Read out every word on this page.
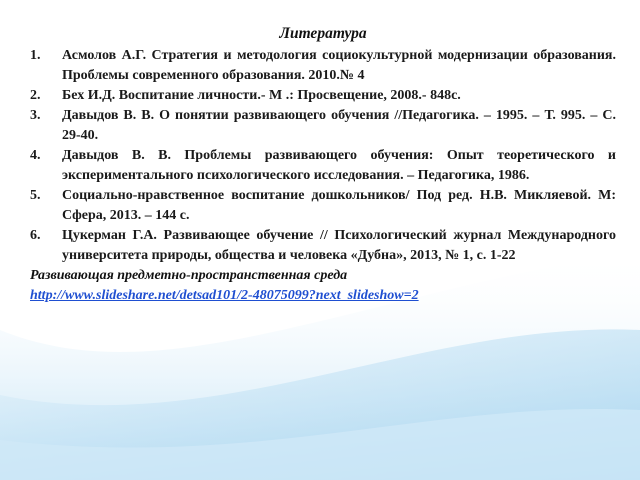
Литература
1. Асмолов А.Г. Стратегия и методология социокультурной модернизации образования. Проблемы современного образования. 2010.№ 4
2. Бех И.Д. Воспитание личности.- М .: Просвещение, 2008.- 848с.
3. Давыдов В. В. О понятии развивающего обучения //Педагогика. – 1995. – Т. 995. – С. 29-40.
4. Давыдов В. В. Проблемы развивающего обучения: Опыт теоретического и экспериментального психологического исследования. – Педагогика, 1986.
5. Социально-нравственное воспитание дошкольников/ Под ред. Н.В. Микляевой. М: Сфера, 2013. – 144 с.
6. Цукерман Г.А. Развивающее обучение // Психологический журнал Международного университета природы, общества и человека «Дубна», 2013, № 1, с. 1-22
Развивающая предметно-пространственная среда
http://www.slideshare.net/detsad101/2-48075099?next_slideshow=2
